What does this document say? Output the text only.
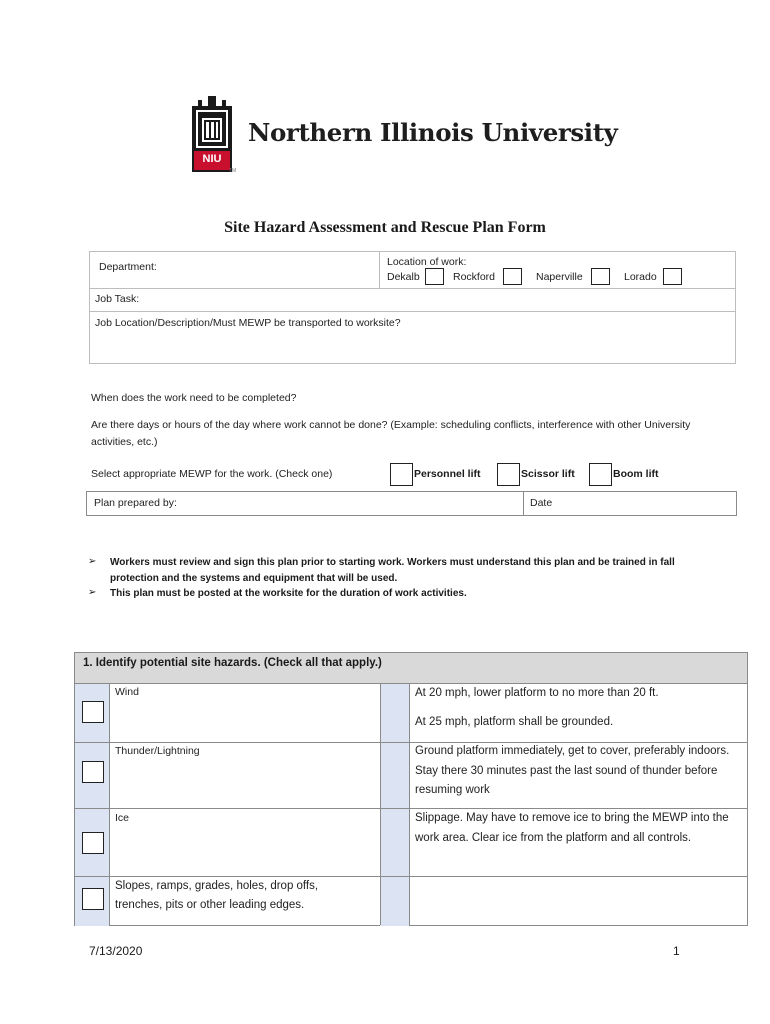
NIU
Northern Illinois University
TM
Site Hazard Assessment and Rescue Plan Form
Department:	Location of work:
Dekalb	Rockford	Naperville	Lorado
Job Task:
Job Location/Description/Must MEWP be transported to worksite?
When does the work need to be completed?
Are there days or hours of the day where work cannot be done? (Example: scheduling conflicts, interference with other University activities, etc.)
Select appropriate MEWP for the work. (Check one)	Personnel lift	Scissor lift	Boom lift
Plan prepared by:	Date
➢ Workers must review and sign this plan prior to starting work. Workers must understand this plan and be trained in fall protection and the systems and equipment that will be used.
➢ This plan must be posted at the worksite for the duration of work activities.
1. Identify potential site hazards. (Check all that apply.)
Wind	At 20 mph, lower platform to no more than 20 ft.
At 25 mph, platform shall be grounded.
Thunder/Lightning	Ground platform immediately, get to cover, preferably indoors. Stay there 30 minutes past the last sound of thunder before resuming work
Ice	Slippage. May have to remove ice to bring the MEWP into the work area. Clear ice from the platform and all controls.
Slopes, ramps, grades, holes, drop offs, trenches, pits or other leading edges.
7/13/2020	1
